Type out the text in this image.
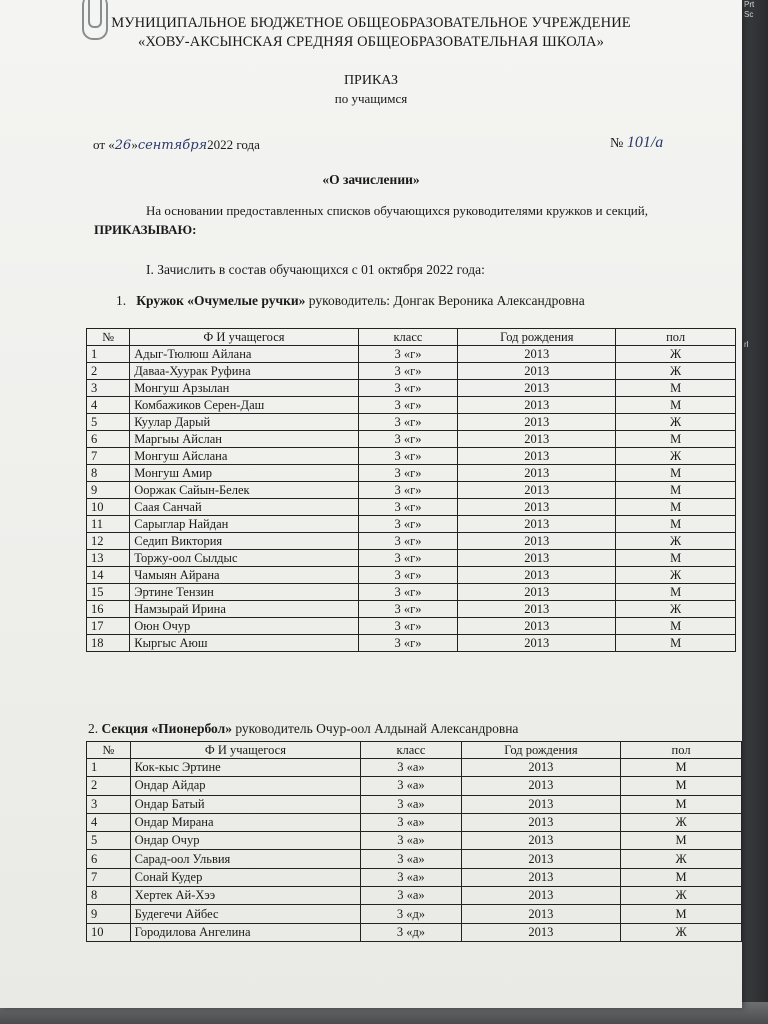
Prt
Sc
rl
МУНИЦИПАЛЬНОЕ БЮДЖЕТНОЕ ОБЩЕОБРАЗОВАТЕЛЬНОЕ УЧРЕЖДЕНИЕ
«ХОВУ-АКСЫНСКАЯ СРЕДНЯЯ ОБЩЕОБРАЗОВАТЕЛЬНАЯ ШКОЛА»
ПРИКАЗ
по учащимся
от «26»сентября2022 года	№ 101/а
«О зачислении»
На основании предоставленных списков обучающихся руководителями кружков и секций,
ПРИКАЗЫВАЮ:
I. Зачислить в состав обучающихся с 01 октября 2022 года:
1.   Кружок «Очумелые ручки» руководитель: Донгак Вероника Александровна
№	Ф И учащегося	класс	Год рождения	пол
1	Адыг-Тюлюш Айлана	3 «г»	2013	Ж
2	Даваа-Хуурак Руфина	3 «г»	2013	Ж
3	Монгуш Арзылан	3 «г»	2013	М
4	Комбажиков Серен-Даш	3 «г»	2013	М
5	Куулар Дарый	3 «г»	2013	Ж
6	Маргыы Айслан	3 «г»	2013	М
7	Монгуш Айслана	3 «г»	2013	Ж
8	Монгуш Амир	3 «г»	2013	М
9	Ооржак Сайын-Белек	3 «г»	2013	М
10	Саая Санчай	3 «г»	2013	М
11	Сарыглар Найдан	3 «г»	2013	М
12	Седип Виктория	3 «г»	2013	Ж
13	Торжу-оол Сылдыс	3 «г»	2013	М
14	Чамыян Айрана	3 «г»	2013	Ж
15	Эртине Тензин	3 «г»	2013	М
16	Намзырай Ирина	3 «г»	2013	Ж
17	Оюн Очур	3 «г»	2013	М
18	Кыргыс Аюш	3 «г»	2013	М
2. Секция «Пионербол» руководитель Очур-оол Алдынай Александровна
№	Ф И учащегося	класс	Год рождения	пол
1	Кок-кыс Эртине	3 «а»	2013	М
2	Ондар Айдар	3 «а»	2013	М
3	Ондар Батый	3 «а»	2013	М
4	Ондар Мирана	3 «а»	2013	Ж
5	Ондар Очур	3 «а»	2013	М
6	Сарад-оол Ульвия	3 «а»	2013	Ж
7	Сонай Кудер	3 «а»	2013	М
8	Хертек Ай-Хээ	3 «а»	2013	Ж
9	Будегечи Айбес	3 «д»	2013	М
10	Городилова Ангелина	3 «д»	2013	Ж
